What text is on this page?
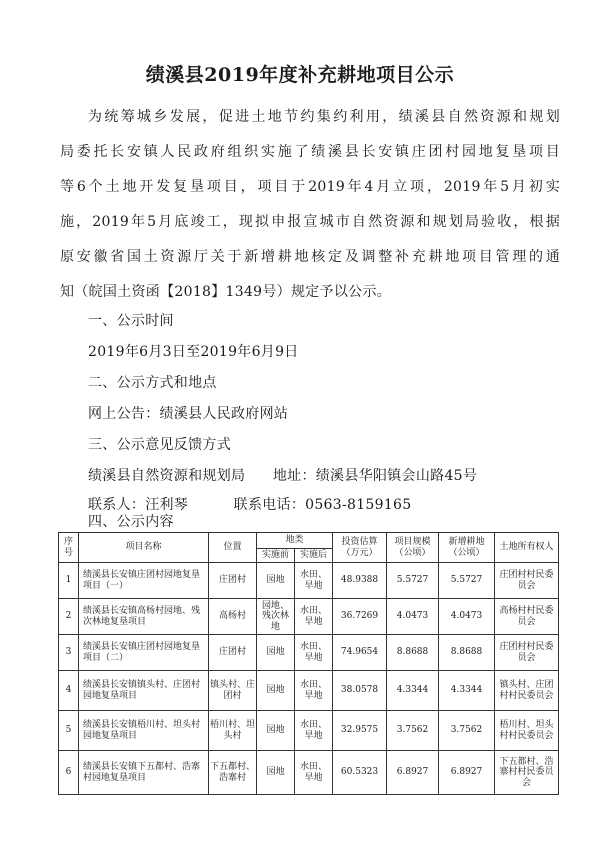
绩溪县2019年度补充耕地项目公示
为统筹城乡发展，促进土地节约集约利用，绩溪县自然资源和规划
局委托长安镇人民政府组织实施了绩溪县长安镇庄团村园地复垦项目
等6个土地开发复垦项目，项目于2019年4月立项，2019年5月初实
施，2019年5月底竣工，现拟申报宣城市自然资源和规划局验收，根据
原安徽省国土资源厅关于新增耕地核定及调整补充耕地项目管理的通
知（皖国土资函【2018】1349号）规定予以公示。
一、公示时间
2019年6月3日至2019年6月9日
二、公示方式和地点
网上公告：绩溪县人民政府网站
三、公示意见反馈方式
绩溪县自然资源和规划局 地址：绩溪县华阳镇会山路45号
联系人：汪利琴	联系电话：0563-8159165
四、公示内容
序号	项目名称	位置	地类		投资估算（万元）	项目规模（公顷）	新增耕地（公顷）	土地所有权人
			实施前	实施后				
1	绩溪县长安镇庄团村园地复垦项目（一）	庄团村	园地	水田、旱地	48.9388	5.5727	5.5727	庄团村村民委员会
2	绩溪县长安镇高杨村园地、残次林地复垦项目	高杨村	园地、残次林地	水田、旱地	36.7269	4.0473	4.0473	高杨村村民委员会
3	绩溪县长安镇庄团村园地复垦项目（二）	庄团村	园地	水田、旱地	74.9654	8.8688	8.8688	庄团村村民委员会
4	绩溪县长安镇镇头村、庄团村园地复垦项目	镇头村、庄团村	园地	水田、旱地	38.0578	4.3344	4.3344	镇头村、庄团村村民委员会
5	绩溪县长安镇梧川村、坦头村园地复垦项目	梧川村、坦头村	园地	水田、旱地	32.9575	3.7562	3.7562	梧川村、坦头村村民委员会
6	绩溪县长安镇下五都村、浩寨村园地复垦项目	下五都村、浩寨村	园地	水田、旱地	60.5323	6.8927	6.8927	下五都村、浩寨村村民委员会
